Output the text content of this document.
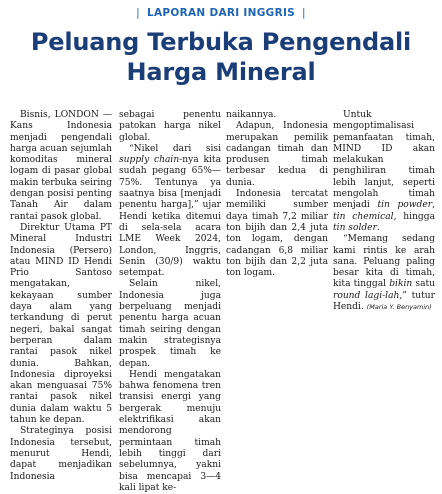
| LAPORAN DARI INGGRIS |
Peluang Terbuka Pengendali
Harga Mineral

Bisnis, LONDON — Kans Indonesia menjadi pengendali harga acuan sejumlah komoditas mineral logam di pasar global makin terbuka seiring dengan posisi penting Tanah Air dalam rantai pasok global.

Direktur Utama PT Mineral Industri Indonesia (Persero) atau MIND ID Hendi Prio Santoso mengatakan, kekayaan sumber daya alam yang terkandung di perut negeri, bakal sangat berperan dalam rantai pasok nikel dunia. Bahkan, Indonesia diproyeksi akan menguasai 75% rantai pasok nikel dunia dalam waktu 5 tahun ke depan.

Strateginya posisi Indonesia tersebut, menurut Hendi, dapat menjadikan Indonesia

sebagai penentu patokan harga nikel global.

“Nikel dari sisi supply chain-nya kita sudah pegang 65%—75%. Tentunya ya saatnya bisa [menjadi penentu harga],” ujar Hendi ketika ditemui di sela-sela acara LME Week 2024, London, Inggris, Senin (30/9) waktu setempat.

Selain nikel, Indonesia juga berpeluang menjadi penentu harga acuan timah seiring dengan makin strategisnya prospek timah ke depan.

Hendi mengatakan bahwa fenomena tren transisi energi yang bergerak menuju elektrifikasi akan mendorong permintaan timah lebih tinggi dari sebelumnya, yakni bisa mencapai 3—4 kali lipat ke-

naikannya.

Adapun, Indonesia merupakan pemilik cadangan timah dan produsen timah terbesar kedua di dunia.

Indonesia tercatat memiliki sumber daya timah 7,2 miliar ton bijih dan 2,4 juta ton logam, dengan cadangan 6,8 miliar ton bijih dan 2,2 juta ton logam.

Untuk mengoptimalisasi pemanfaatan timah, MIND ID akan melakukan penghiliran timah lebih lanjut, seperti mengolah timah menjadi tin powder, tin chemical, hingga tin solder.

“Memang sedang kami rintis ke arah sana. Peluang paling besar kita di timah, kita tinggal bikin satu round lagi-lah,” tutur Hendi. (Maria Y. Benyamin)
